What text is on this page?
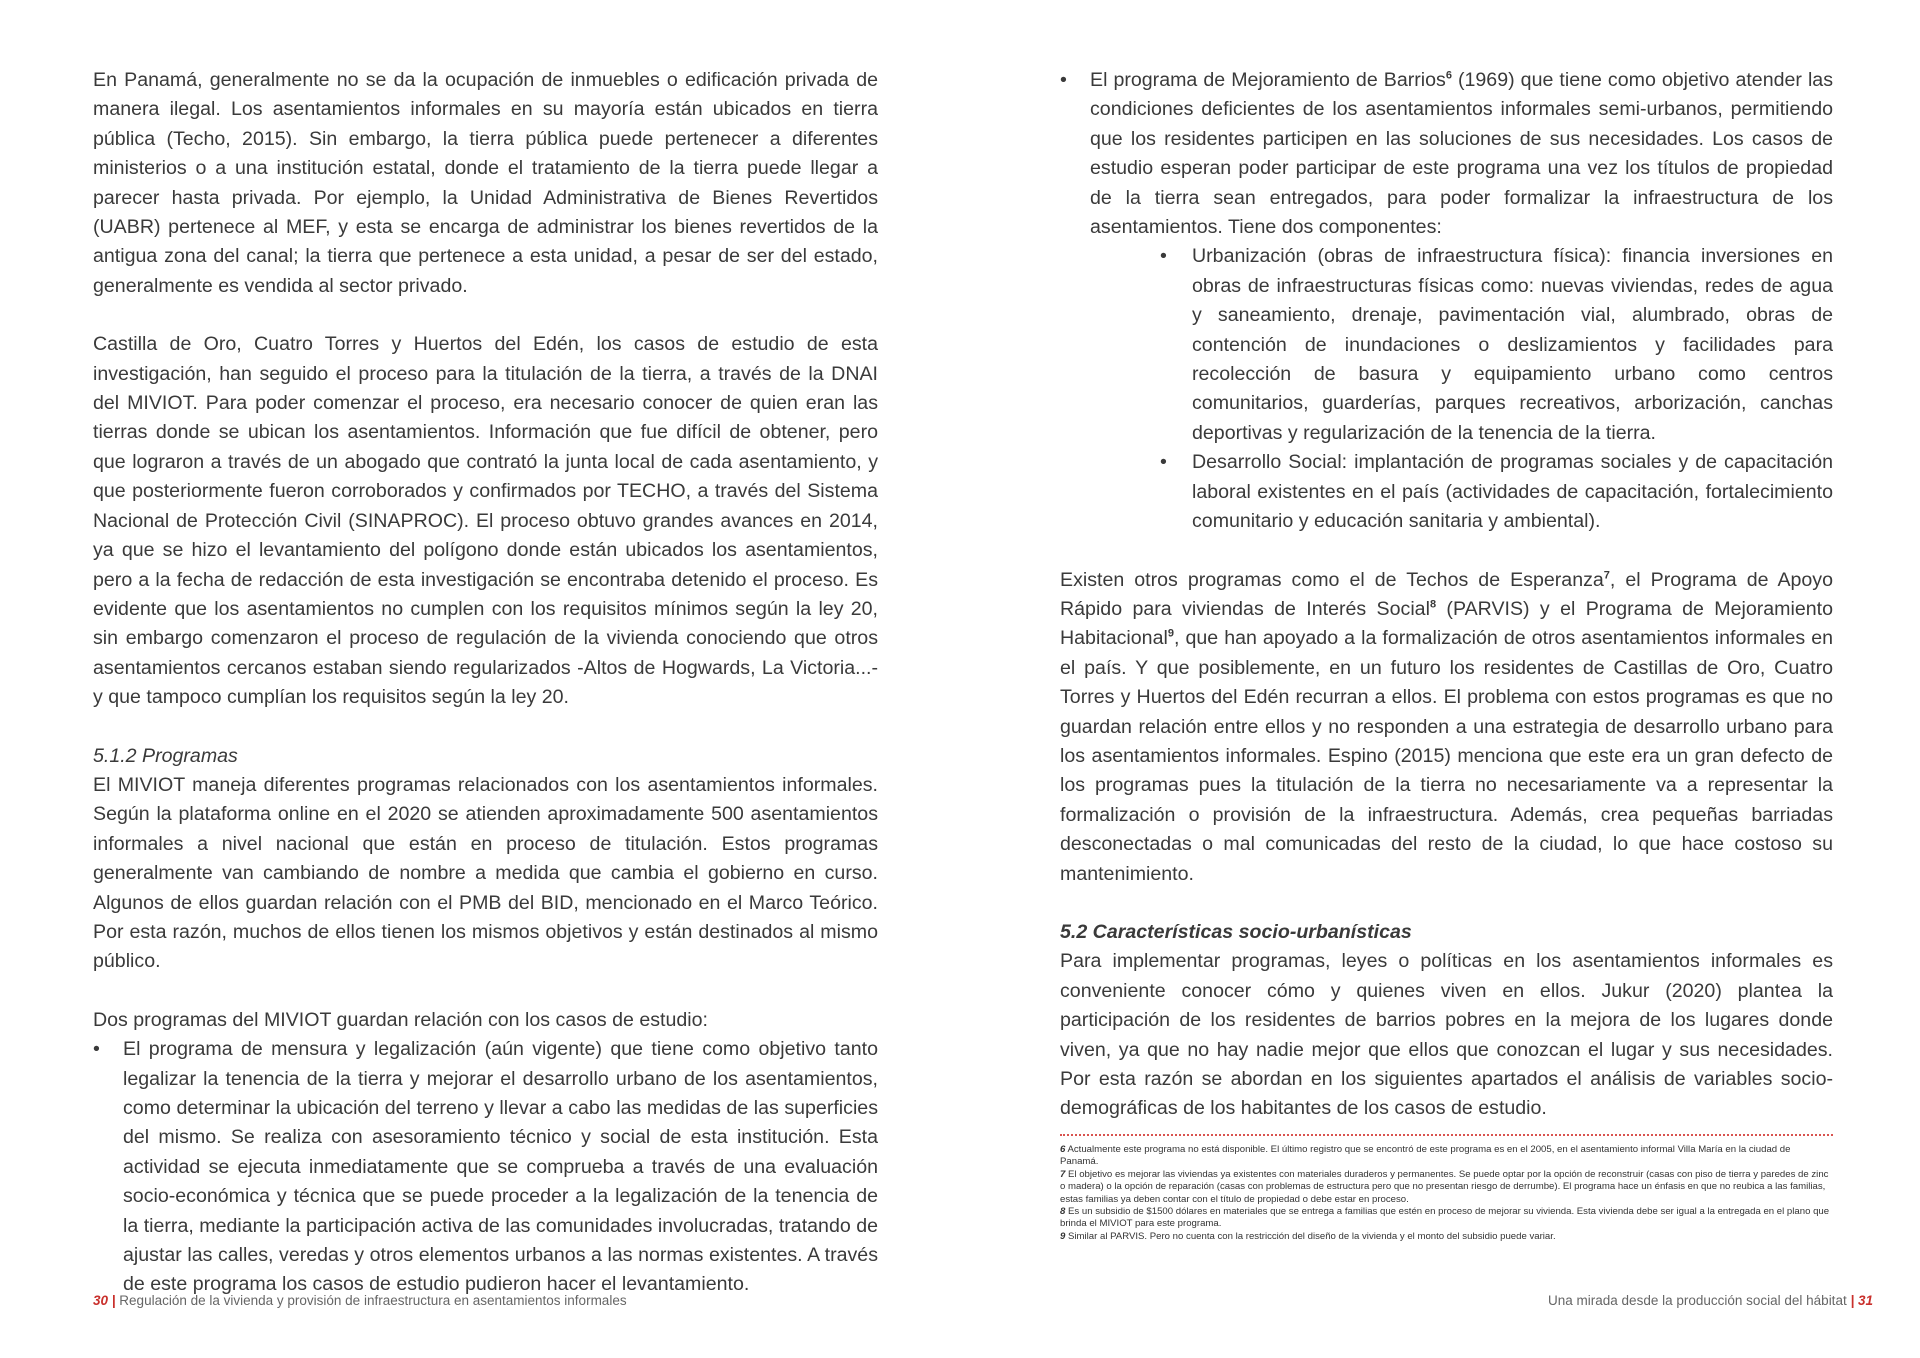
En Panamá, generalmente no se da la ocupación de inmuebles o edificación privada de manera ilegal. Los asentamientos informales en su mayoría están ubicados en tierra pública (Techo, 2015). Sin embargo, la tierra pública puede pertenecer a diferentes ministerios o a una institución estatal, donde el tratamiento de la tierra puede llegar a parecer hasta privada. Por ejemplo, la Unidad Administrativa de Bienes Revertidos (UABR) pertenece al MEF, y esta se encarga de administrar los bienes revertidos de la antigua zona del canal; la tierra que pertenece a esta unidad, a pesar de ser del estado, generalmente es vendida al sector privado.

Castilla de Oro, Cuatro Torres y Huertos del Edén, los casos de estudio de esta investigación, han seguido el proceso para la titulación de la tierra, a través de la DNAI del MIVIOT. Para poder comenzar el proceso, era necesario conocer de quien eran las tierras donde se ubican los asentamientos. Información que fue difícil de obtener, pero que lograron a través de un abogado que contrató la junta local de cada asentamiento, y que posteriormente fueron corroborados y confirmados por TECHO, a través del Sistema Nacional de Protección Civil (SINAPROC). El proceso obtuvo grandes avances en 2014, ya que se hizo el levantamiento del polígono donde están ubicados los asentamientos, pero a la fecha de redacción de esta investigación se encontraba detenido el proceso. Es evidente que los asentamientos no cumplen con los requisitos mínimos según la ley 20, sin embargo comenzaron el proceso de regulación de la vivienda conociendo que otros asentamientos cercanos estaban siendo regularizados -Altos de Hogwards, La Victoria...- y que tampoco cumplían los requisitos según la ley 20.

5.1.2 Programas

El MIVIOT maneja diferentes programas relacionados con los asentamientos informales. Según la plataforma online en el 2020 se atienden aproximadamente 500 asentamientos informales a nivel nacional que están en proceso de titulación. Estos programas generalmente van cambiando de nombre a medida que cambia el gobierno en curso. Algunos de ellos guardan relación con el PMB del BID, mencionado en el Marco Teórico. Por esta razón, muchos de ellos tienen los mismos objetivos y están destinados al mismo público.

Dos programas del MIVIOT guardan relación con los casos de estudio:

• El programa de mensura y legalización (aún vigente) que tiene como objetivo tanto legalizar la tenencia de la tierra y mejorar el desarrollo urbano de los asentamientos, como determinar la ubicación del terreno y llevar a cabo las medidas de las superficies del mismo. Se realiza con asesoramiento técnico y social de esta institución. Esta actividad se ejecuta inmediatamente que se comprueba a través de una evaluación socio-económica y técnica que se puede proceder a la legalización de la tenencia de la tierra, mediante la participación activa de las comunidades involucradas, tratando de ajustar las calles, veredas y otros elementos urbanos a las normas existentes. A través de este programa los casos de estudio pudieron hacer el levantamiento.
30 | Regulación de la vivienda y provisión de infraestructura en asentamientos informales
• El programa de Mejoramiento de Barrios$^6$ (1969) que tiene como objetivo atender las condiciones deficientes de los asentamientos informales semi-urbanos, permitiendo que los residentes participen en las soluciones de sus necesidades. Los casos de estudio esperan poder participar de este programa una vez los títulos de propiedad de la tierra sean entregados, para poder formalizar la infraestructura de los asentamientos. Tiene dos componentes:
• Urbanización (obras de infraestructura física): financia inversiones en obras de infraestructuras físicas como: nuevas viviendas, redes de agua y saneamiento, drenaje, pavimentación vial, alumbrado, obras de contención de inundaciones o deslizamientos y facilidades para recolección de basura y equipamiento urbano como centros comunitarios, guarderías, parques recreativos, arborización, canchas deportivas y regularización de la tenencia de la tierra.
• Desarrollo Social: implantación de programas sociales y de capacitación laboral existentes en el país (actividades de capacitación, fortalecimiento comunitario y educación sanitaria y ambiental).

Existen otros programas como el de Techos de Esperanza$^7$, el Programa de Apoyo Rápido para viviendas de Interés Social$^8$ (PARVIS) y el Programa de Mejoramiento Habitacional$^9$, que han apoyado a la formalización de otros asentamientos informales en el país. Y que posiblemente, en un futuro los residentes de Castillas de Oro, Cuatro Torres y Huertos del Edén recurran a ellos. El problema con estos programas es que no guardan relación entre ellos y no responden a una estrategia de desarrollo urbano para los asentamientos informales. Espino (2015) menciona que este era un gran defecto de los programas pues la titulación de la tierra no necesariamente va a representar la formalización o provisión de la infraestructura. Además, crea pequeñas barriadas desconectadas o mal comunicadas del resto de la ciudad, lo que hace costoso su mantenimiento.

5.2 Características socio-urbanísticas

Para implementar programas, leyes o políticas en los asentamientos informales es conveniente conocer cómo y quienes viven en ellos. Jukur (2020) plantea la participación de los residentes de barrios pobres en la mejora de los lugares donde viven, ya que no hay nadie mejor que ellos que conozcan el lugar y sus necesidades. Por esta razón se abordan en los siguientes apartados el análisis de variables socio-demográficas de los habitantes de los casos de estudio.

6 Actualmente este programa no está disponible. El último registro que se encontró de este programa es en el 2005, en el asentamiento informal Villa María en la ciudad de Panamá.

7 El objetivo es mejorar las viviendas ya existentes con materiales duraderos y permanentes. Se puede optar por la opción de reconstruir (casas con piso de tierra y paredes de zinc o madera) o la opción de reparación (casas con problemas de estructura pero que no presentan riesgo de derrumbe). El programa hace un énfasis en que no reubica a las familias, estas familias ya deben contar con el título de propiedad o debe estar en proceso.

8 Es un subsidio de $1500 dólares en materiales que se entrega a familias que estén en proceso de mejorar su vivienda. Esta vivienda debe ser igual a la entregada en el plano que brinda el MIVIOT para este programa.

9 Similar al PARVIS. Pero no cuenta con la restricción del diseño de la vivienda y el monto del subsidio puede variar.

Una mirada desde la producción social del hábitat | 31
